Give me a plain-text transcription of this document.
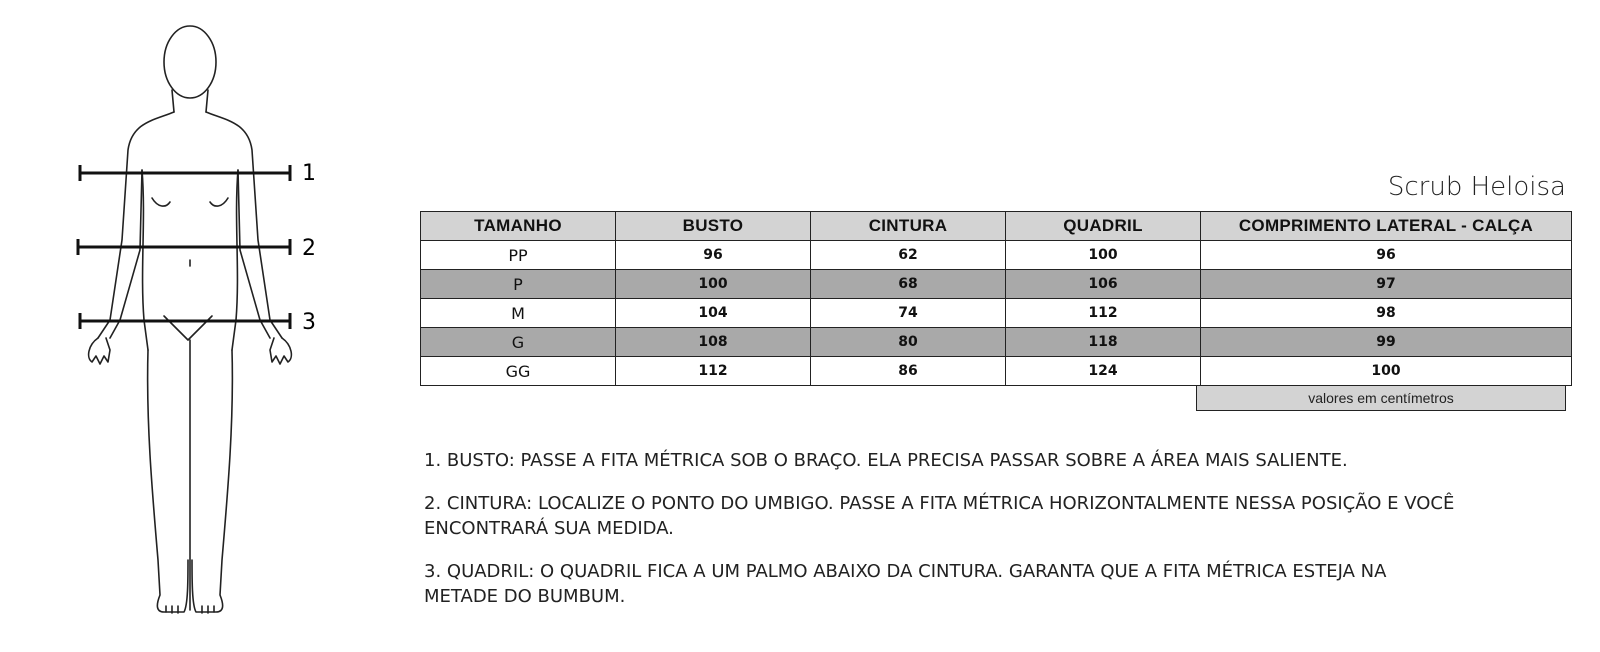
1
2
3
Scrub Heloisa
TAMANHO	BUSTO	CINTURA	QUADRIL	COMPRIMENTO LATERAL - CALÇA
PP	96	62	100	96
P	100	68	106	97
M	104	74	112	98
G	108	80	118	99
GG	112	86	124	100
valores em centímetros

1. BUSTO: PASSE A FITA MÉTRICA SOB O BRAÇO. ELA PRECISA PASSAR SOBRE A ÁREA MAIS SALIENTE.

2. CINTURA: LOCALIZE O PONTO DO UMBIGO. PASSE A FITA MÉTRICA HORIZONTALMENTE NESSA POSIÇÃO E VOCÊ ENCONTRARÁ SUA MEDIDA.

3. QUADRIL: O QUADRIL FICA A UM PALMO ABAIXO DA CINTURA. GARANTA QUE A FITA MÉTRICA ESTEJA NA METADE DO BUMBUM.
